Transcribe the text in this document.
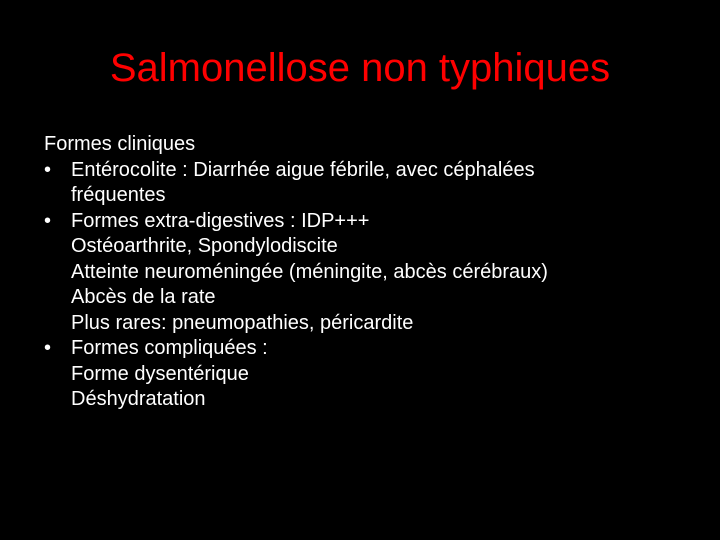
Salmonellose non typhiques
Formes cliniques
• Entérocolite : Diarrhée aigue fébrile, avec céphalées
fréquentes
• Formes extra-digestives : IDP+++
Ostéoarthrite, Spondylodiscite
Atteinte neuroméningée (méningite, abcès cérébraux)
Abcès de la rate
Plus rares: pneumopathies, péricardite
• Formes compliquées :
Forme dysentérique
Déshydratation
